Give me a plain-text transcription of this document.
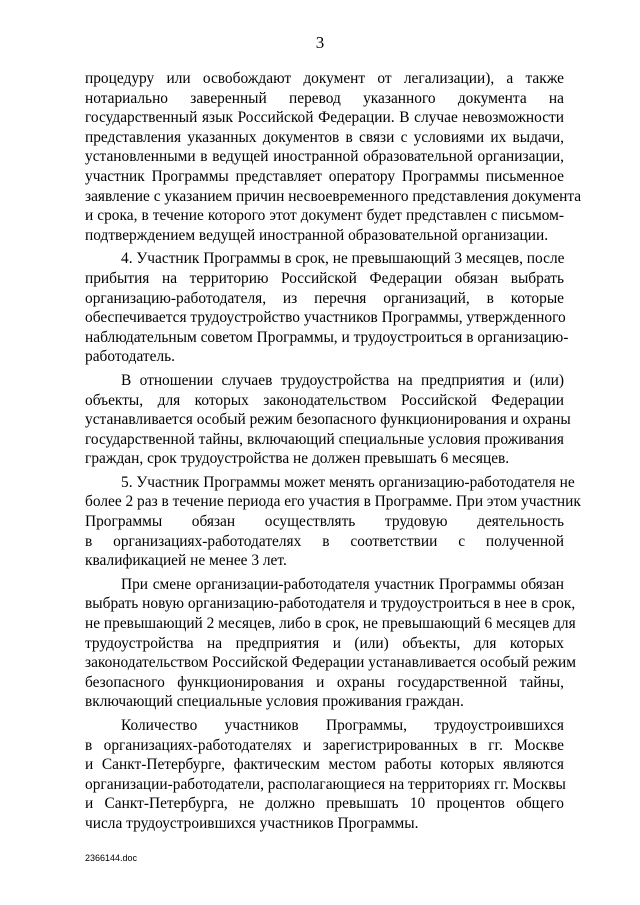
3
процедуру или освобождают документ от легализации), а также
нотариально заверенный перевод указанного документа на
государственный язык Российской Федерации. В случае невозможности
представления указанных документов в связи с условиями их выдачи,
установленными в ведущей иностранной образовательной организации,
участник Программы представляет оператору Программы письменное
заявление с указанием причин несвоевременного представления документа
и срока, в течение которого этот документ будет представлен с письмом-
подтверждением ведущей иностранной образовательной организации.
4. Участник Программы в срок, не превышающий 3 месяцев, после
прибытия на территорию Российской Федерации обязан выбрать
организацию-работодателя, из перечня организаций, в которые
обеспечивается трудоустройство участников Программы, утвержденного
наблюдательным советом Программы, и трудоустроиться в организацию-
работодатель.
В отношении случаев трудоустройства на предприятия и (или)
объекты, для которых законодательством Российской Федерации
устанавливается особый режим безопасного функционирования и охраны
государственной тайны, включающий специальные условия проживания
граждан, срок трудоустройства не должен превышать 6 месяцев.
5. Участник Программы может менять организацию-работодателя не
более 2 раз в течение периода его участия в Программе. При этом участник
Программы обязан осуществлять трудовую деятельность
в организациях-работодателях в соответствии с полученной
квалификацией не менее 3 лет.
При смене организации-работодателя участник Программы обязан
выбрать новую организацию-работодателя и трудоустроиться в нее в срок,
не превышающий 2 месяцев, либо в срок, не превышающий 6 месяцев для
трудоустройства на предприятия и (или) объекты, для которых
законодательством Российской Федерации устанавливается особый режим
безопасного функционирования и охраны государственной тайны,
включающий специальные условия проживания граждан.
Количество участников Программы, трудоустроившихся
в организациях-работодателях и зарегистрированных в гг. Москве
и Санкт-Петербурге, фактическим местом работы которых являются
организации-работодатели, располагающиеся на территориях гг. Москвы
и Санкт-Петербурга, не должно превышать 10 процентов общего
числа трудоустроившихся участников Программы.
2366144.doc
